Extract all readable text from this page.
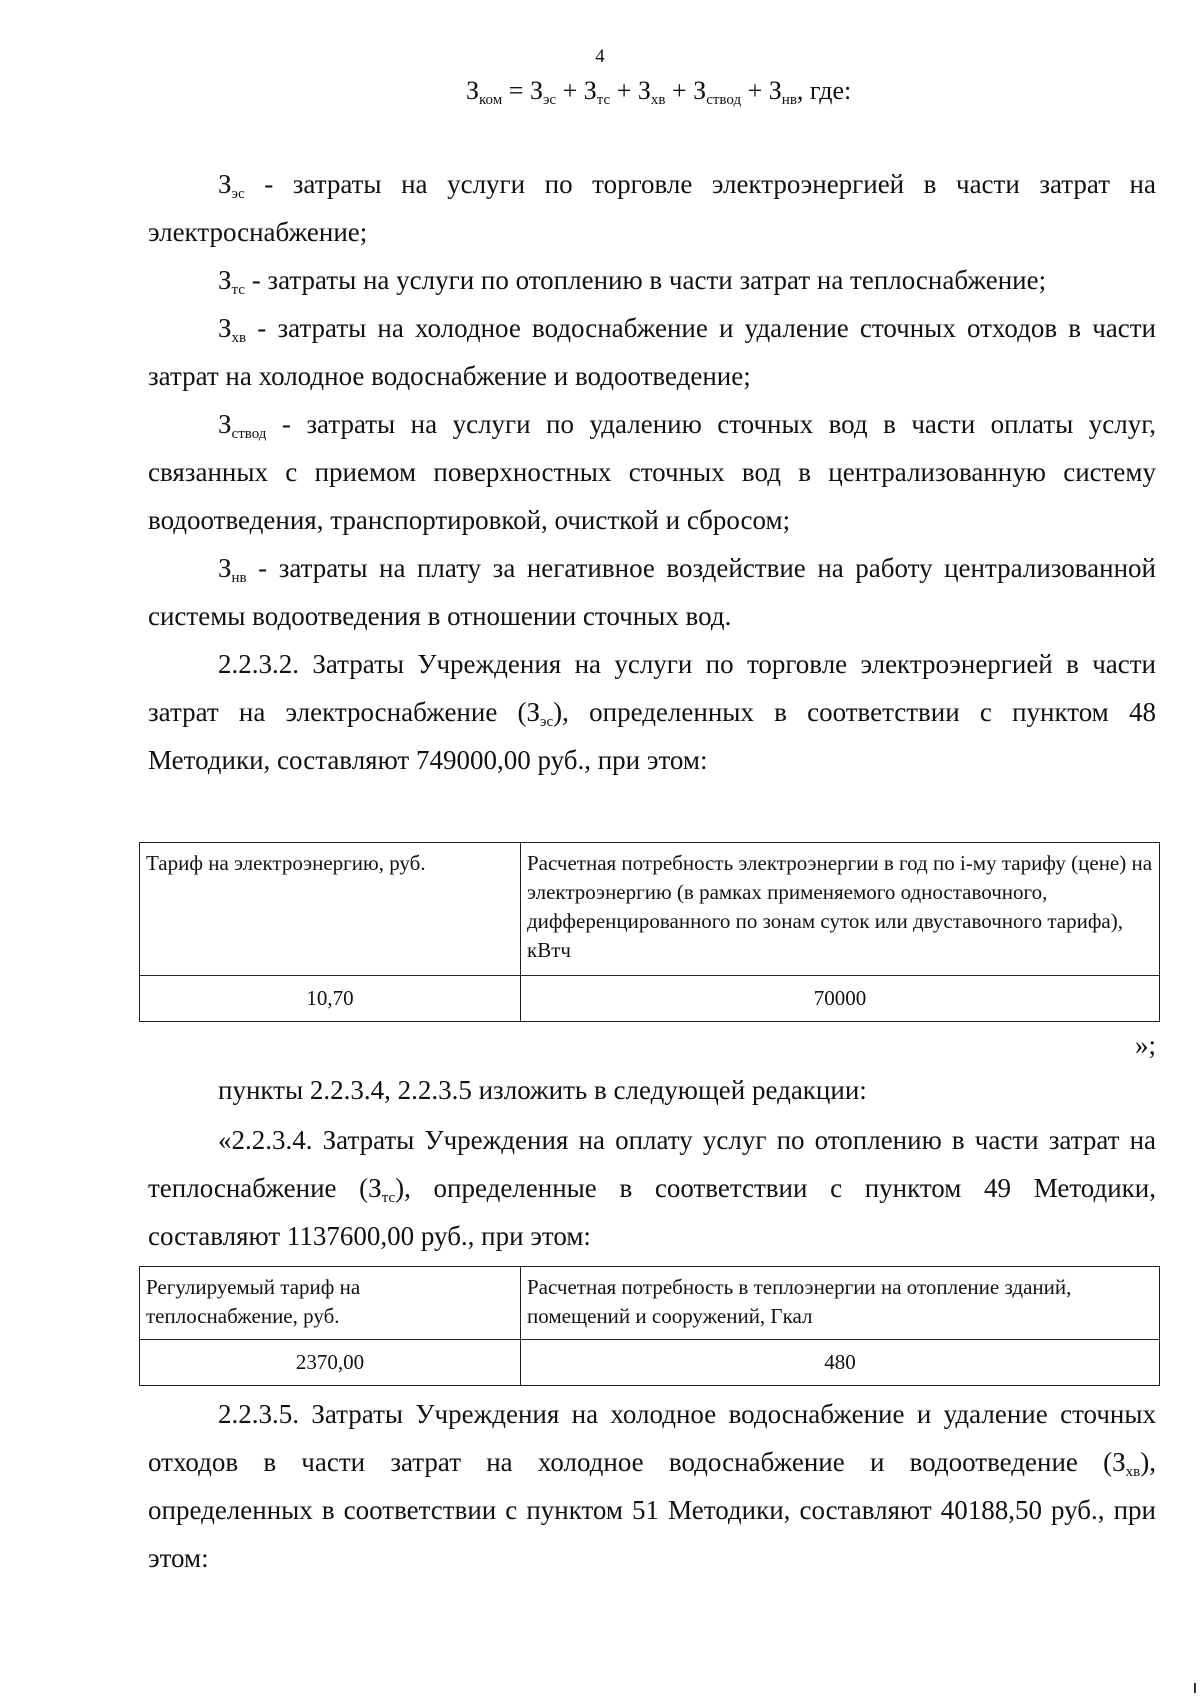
4
$З_{ком} = З_{эс} + З_{тс} + З_{хв} + З_{ствод} + З_{нв}$, где:

$З_{эс}$ - затраты на услуги по торговле электроэнергией в части затрат на электроснабжение;

$З_{тс}$ - затраты на услуги по отоплению в части затрат на теплоснабжение;

$З_{хв}$ - затраты на холодное водоснабжение и удаление сточных отходов в части затрат на холодное водоснабжение и водоотведение;

$З_{ствод}$ - затраты на услуги по удалению сточных вод в части оплаты услуг, связанных с приемом поверхностных сточных вод в централизованную систему водоотведения, транспортировкой, очисткой и сбросом;

$З_{нв}$ - затраты на плату за негативное воздействие на работу централизованной системы водоотведения в отношении сточных вод.

2.2.3.2. Затраты Учреждения на услуги по торговле электроэнергией в части затрат на электроснабжение $(З_{эс})$, определенных в соответствии с пунктом 48 Методики, составляют 749000,00 руб., при этом:

Тариф на электроэнергию, руб.	Расчетная потребность электроэнергии в год по i-му тарифу (цене) на электроэнергию (в рамках применяемого одноставочного, дифференцированного по зонам суток или двуставочного тарифа), кВтч
10,70	70000
»;

пункты 2.2.3.4, 2.2.3.5 изложить в следующей редакции:

«2.2.3.4. Затраты Учреждения на оплату услуг по отоплению в части затрат на теплоснабжение $(З_{тс})$, определенные в соответствии с пунктом 49 Методики, составляют 1137600,00 руб., при этом:

Регулируемый тариф на теплоснабжение, руб.	Расчетная потребность в теплоэнергии на отопление зданий, помещений и сооружений, Гкал
2370,00	480

2.2.3.5. Затраты Учреждения на холодное водоснабжение и удаление сточных отходов в части затрат на холодное водоснабжение и водоотведение $(З_{хв})$, определенных в соответствии с пунктом 51 Методики, составляют 40188,50 руб., при этом:
